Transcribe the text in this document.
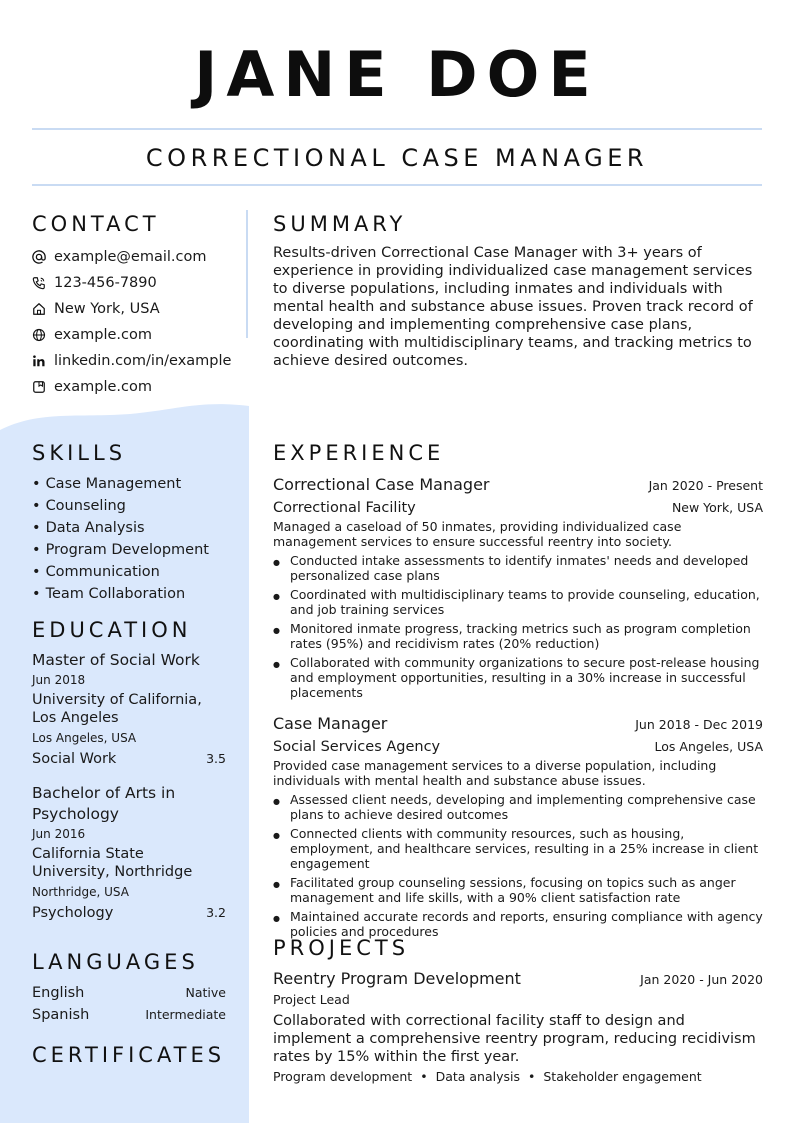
JANE DOE
CORRECTIONAL CASE MANAGER
CONTACT
example@email.com
123-456-7890
New York, USA
example.com
linkedin.com/in/example
example.com
SKILLS
• Case Management
• Counseling
• Data Analysis
• Program Development
• Communication
• Team Collaboration
EDUCATION
Master of Social Work
Jun 2018
University of California, Los Angeles
Los Angeles, USA
Social Work	3.5
Bachelor of Arts in Psychology
Jun 2016
California State University, Northridge
Northridge, USA
Psychology	3.2
LANGUAGES
English	Native
Spanish	Intermediate
CERTIFICATES
SUMMARY

Results-driven Correctional Case Manager with 3+ years of experience in providing individualized case management services to diverse populations, including inmates and individuals with mental health and substance abuse issues. Proven track record of developing and implementing comprehensive case plans, coordinating with multidisciplinary teams, and tracking metrics to achieve desired outcomes.

EXPERIENCE
Correctional Case Manager	Jan 2020 - Present
Correctional Facility	New York, USA

Managed a caseload of 50 inmates, providing individualized case management services to ensure successful reentry into society.

● Conducted intake assessments to identify inmates' needs and developed personalized case plans
● Coordinated with multidisciplinary teams to provide counseling, education, and job training services
● Monitored inmate progress, tracking metrics such as program completion rates (95%) and recidivism rates (20% reduction)
● Collaborated with community organizations to secure post-release housing and employment opportunities, resulting in a 30% increase in successful placements
Case Manager	Jun 2018 - Dec 2019
Social Services Agency	Los Angeles, USA

Provided case management services to a diverse population, including individuals with mental health and substance abuse issues.

● Assessed client needs, developing and implementing comprehensive case plans to achieve desired outcomes
● Connected clients with community resources, such as housing, employment, and healthcare services, resulting in a 25% increase in client engagement
● Facilitated group counseling sessions, focusing on topics such as anger management and life skills, with a 90% client satisfaction rate
● Maintained accurate records and reports, ensuring compliance with agency policies and procedures
PROJECTS
Reentry Program Development	Jan 2020 - Jun 2020
Project Lead

Collaborated with correctional facility staff to design and implement a comprehensive reentry program, reducing recidivism rates by 15% within the first year.

Program development • Data analysis • Stakeholder engagement
